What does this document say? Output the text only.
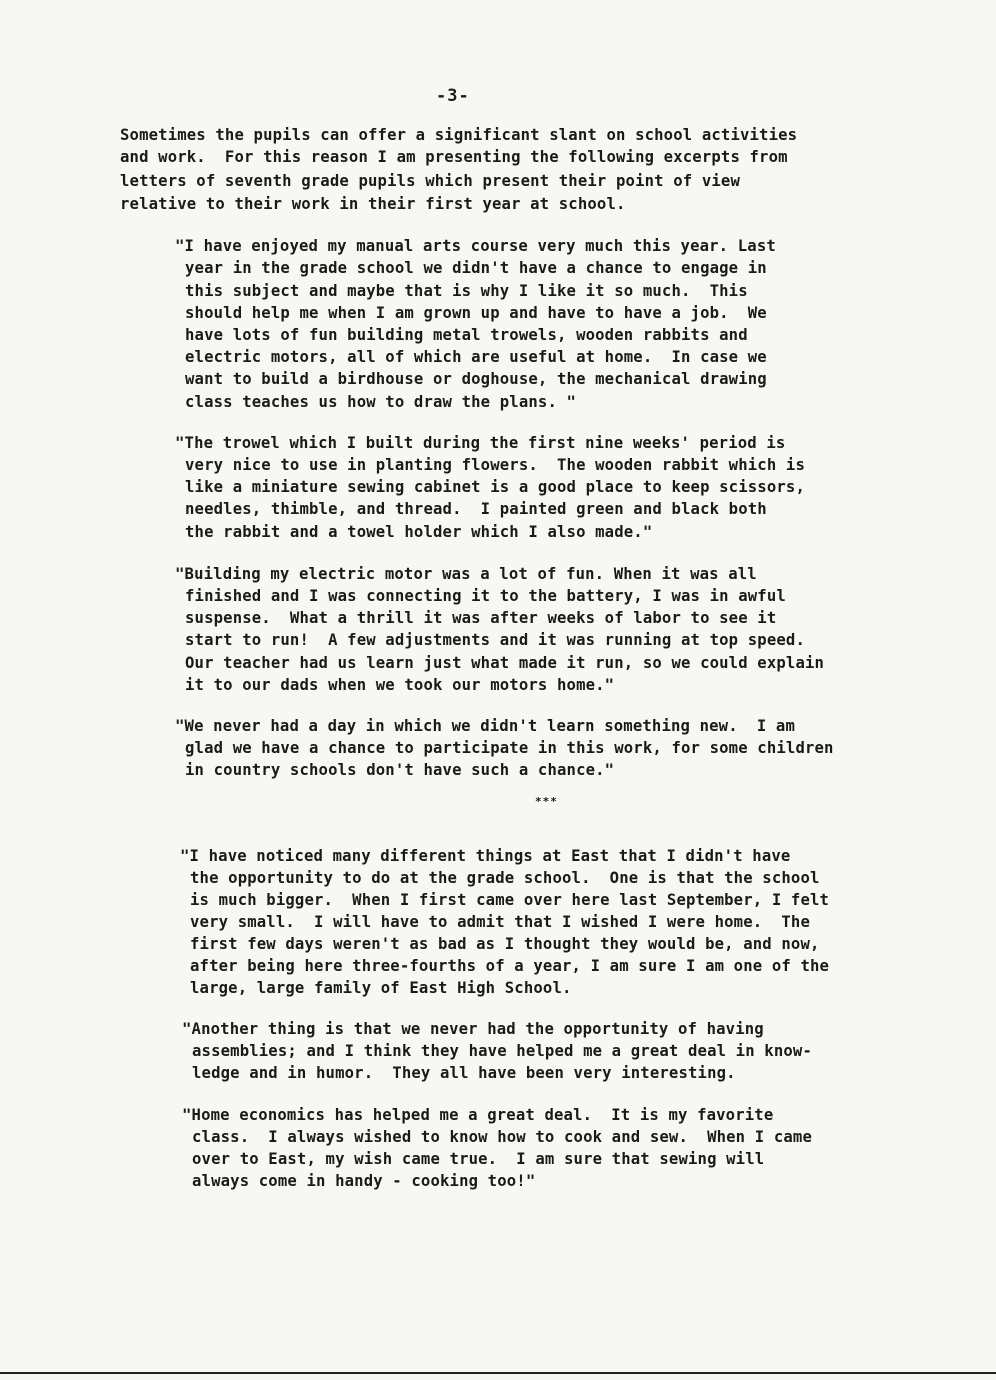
-3-
Sometimes the pupils can offer a significant slant on school activities
and work.  For this reason I am presenting the following excerpts from
letters of seventh grade pupils which present their point of view
relative to their work in their first year at school.
"I have enjoyed my manual arts course very much this year. Last
year in the grade school we didn't have a chance to engage in
this subject and maybe that is why I like it so much.  This
should help me when I am grown up and have to have a job.  We
have lots of fun building metal trowels, wooden rabbits and
electric motors, all of which are useful at home.  In case we
want to build a birdhouse or doghouse, the mechanical drawing
class teaches us how to draw the plans. "
"The trowel which I built during the first nine weeks' period is
very nice to use in planting flowers.  The wooden rabbit which is
like a miniature sewing cabinet is a good place to keep scissors,
needles, thimble, and thread.  I painted green and black both
the rabbit and a towel holder which I also made."
"Building my electric motor was a lot of fun. When it was all
finished and I was connecting it to the battery, I was in awful
suspense.  What a thrill it was after weeks of labor to see it
start to run!  A few adjustments and it was running at top speed.
Our teacher had us learn just what made it run, so we could explain
it to our dads when we took our motors home."
"We never had a day in which we didn't learn something new.  I am
glad we have a chance to participate in this work, for some children
in country schools don't have such a chance."
***
"I have noticed many different things at East that I didn't have
the opportunity to do at the grade school.  One is that the school
is much bigger.  When I first came over here last September, I felt
very small.  I will have to admit that I wished I were home.  The
first few days weren't as bad as I thought they would be, and now,
after being here three-fourths of a year, I am sure I am one of the
large, large family of East High School.
"Another thing is that we never had the opportunity of having
assemblies; and I think they have helped me a great deal in know-
ledge and in humor.  They all have been very interesting.
"Home economics has helped me a great deal.  It is my favorite
class.  I always wished to know how to cook and sew.  When I came
over to East, my wish came true.  I am sure that sewing will
always come in handy - cooking too!"
